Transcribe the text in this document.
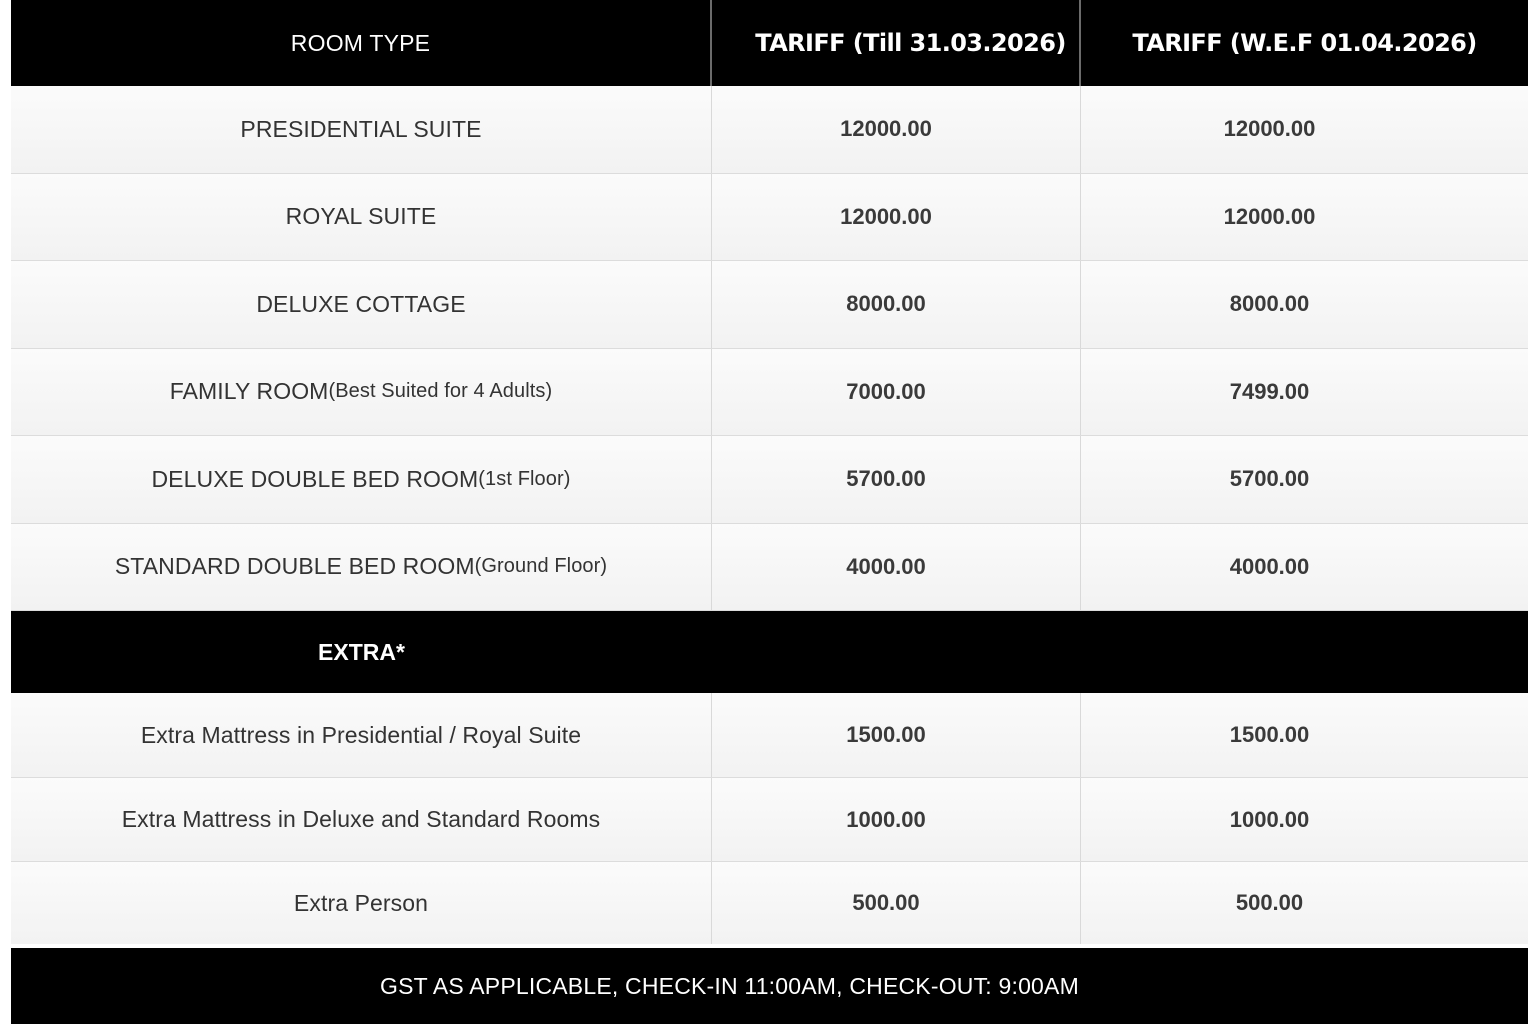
ROOM TYPE	TARIFF (Till 31.03.2026)	TARIFF (W.E.F 01.04.2026)
PRESIDENTIAL SUITE	12000.00	12000.00
ROYAL SUITE	12000.00	12000.00
DELUXE COTTAGE	8000.00	8000.00
FAMILY ROOM (Best Suited for 4 Adults)	7000.00	7499.00
DELUXE DOUBLE BED ROOM (1st Floor)	5700.00	5700.00
STANDARD DOUBLE BED ROOM (Ground Floor)	4000.00	4000.00
EXTRA*
Extra Mattress in Presidential / Royal Suite	1500.00	1500.00
Extra Mattress in Deluxe and Standard Rooms	1000.00	1000.00
Extra Person	500.00	500.00
GST AS APPLICABLE, CHECK-IN 11:00AM, CHECK-OUT: 9:00AM
